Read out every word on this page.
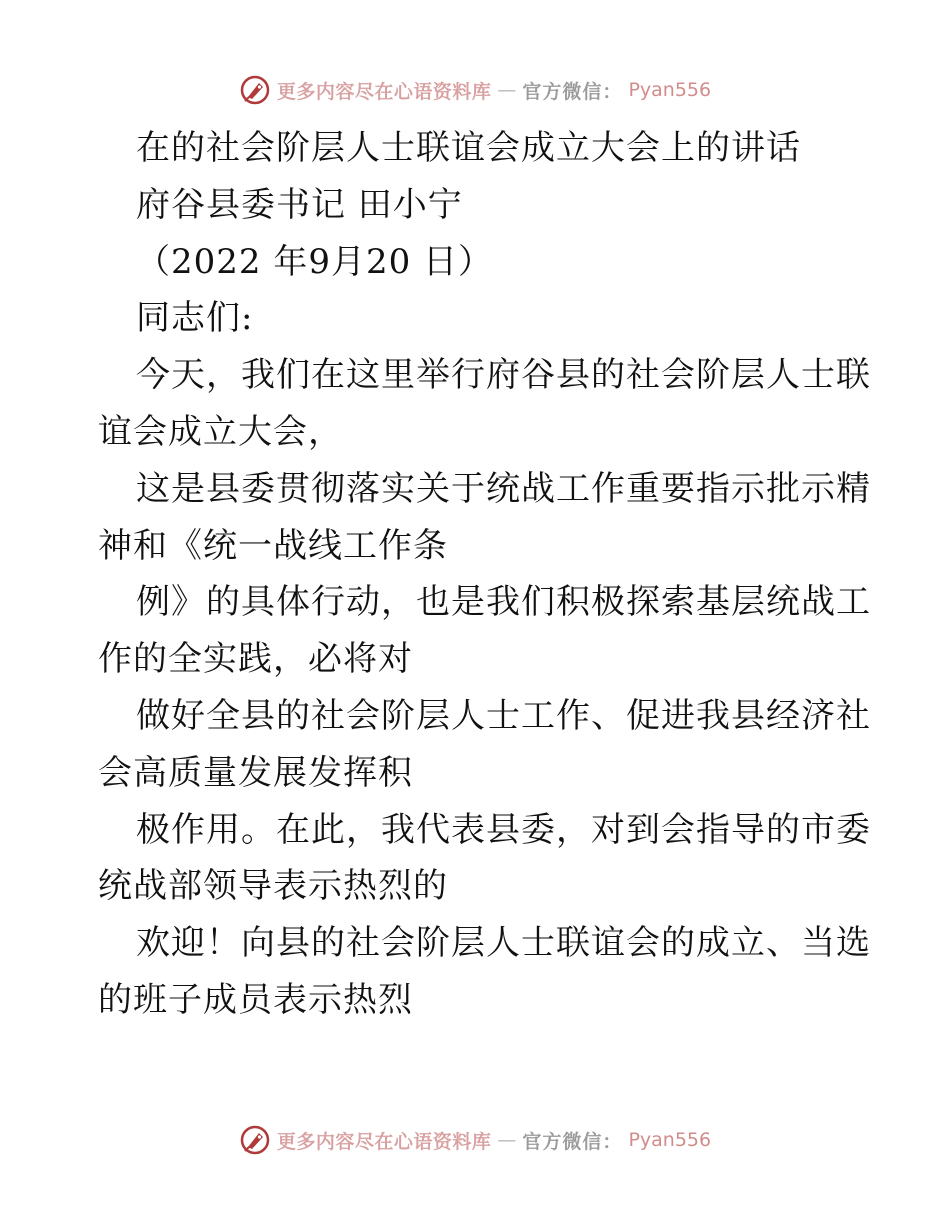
更多内容尽在心语资料库 — 官方微信： Pyan556
在的社会阶层人士联谊会成立大会上的讲话
府谷县委书记 田小宁
（2022 年9月20 日）
同志们:
今天，我们在这里举行府谷县的社会阶层人士联
谊会成立大会，
这是县委贯彻落实关于统战工作重要指示批示精
神和《统一战线工作条
例》的具体行动，也是我们积极探索基层统战工
作的全实践，必将对
做好全县的社会阶层人士工作、促进我县经济社
会高质量发展发挥积
极作用。在此，我代表县委，对到会指导的市委
统战部领导表示热烈的
欢迎！向县的社会阶层人士联谊会的成立、当选
的班子成员表示热烈
更多内容尽在心语资料库 — 官方微信： Pyan556
